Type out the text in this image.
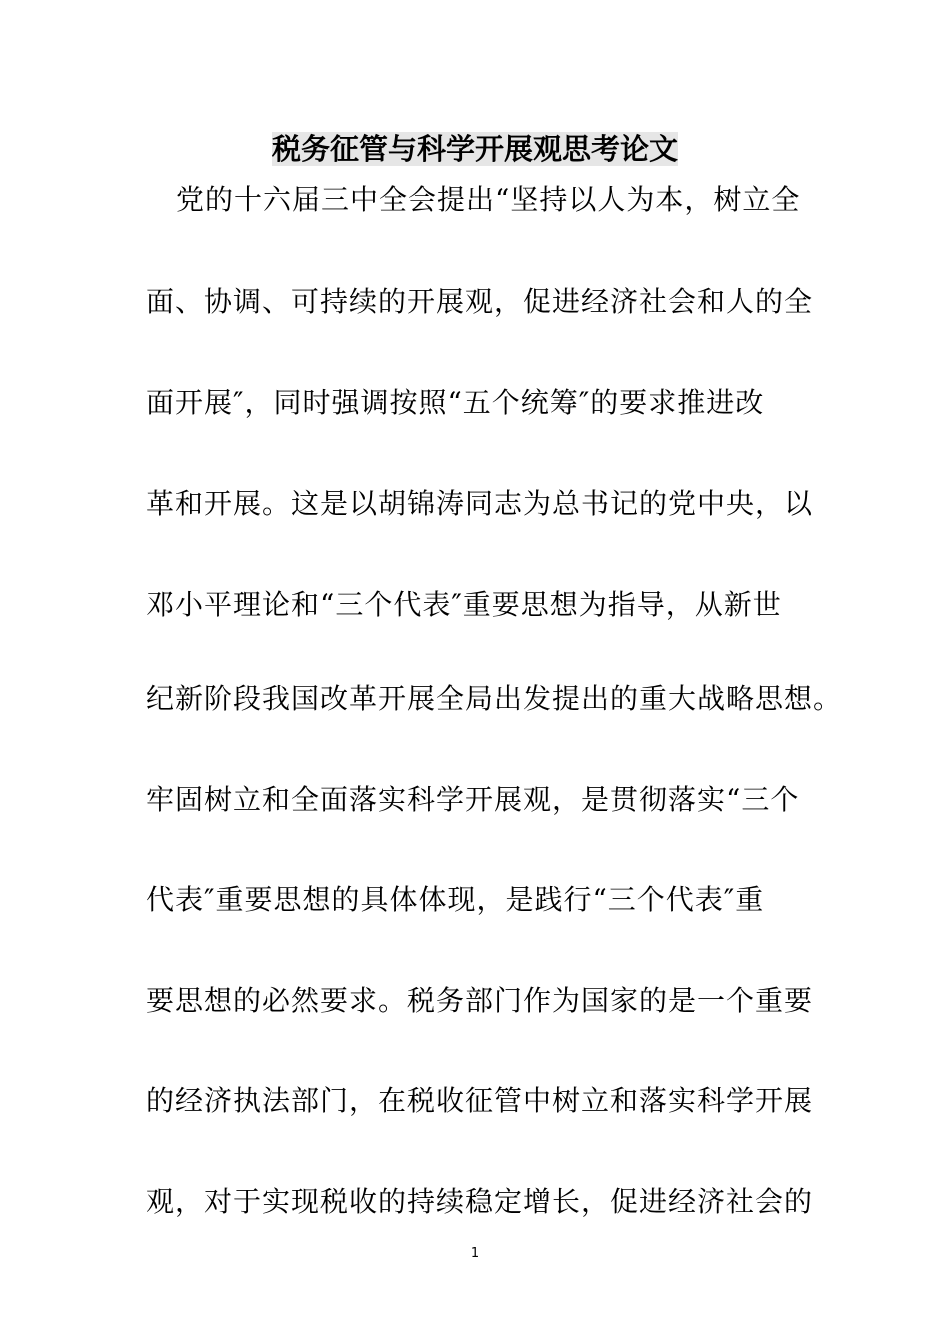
税务征管与科学开展观思考论文
党的十六届三中全会提出“坚持以人为本，树立全
面、协调、可持续的开展观，促进经济社会和人的全
面开展″，同时强调按照“五个统筹″的要求推进改
革和开展。这是以胡锦涛同志为总书记的党中央，以
邓小平理论和“三个代表″重要思想为指导，从新世
纪新阶段我国改革开展全局出发提出的重大战略思想。
牢固树立和全面落实科学开展观，是贯彻落实“三个
代表″重要思想的具体体现，是践行“三个代表″重
要思想的必然要求。税务部门作为国家的是一个重要
的经济执法部门，在税收征管中树立和落实科学开展
观，对于实现税收的持续稳定增长，促进经济社会的
1
